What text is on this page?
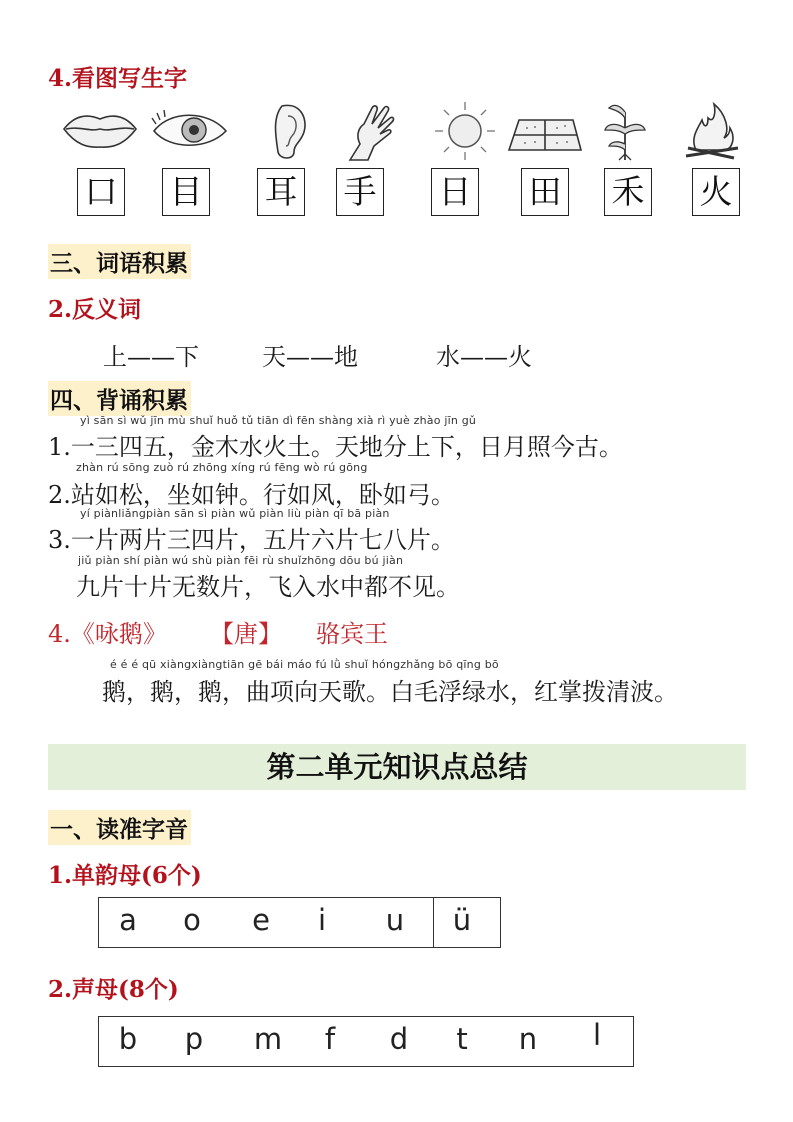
4.看图写生字
口 目 耳 手 日 田 禾 火
三、词语积累
2.反义词
上——下	天——地	水——火
四、背诵积累
yì sān sì wǔ jīn mù shuǐ huǒ tǔ tiān dì fēn shàng xià rì yuè zhào jīn gǔ
1.一三四五，金木水火土。天地分上下，日月照今古。
zhàn rú sōng zuò rú zhōng xíng rú fēng wò rú gōng
2.站如松，坐如钟。行如风，卧如弓。
yí piànliǎngpiàn sān sì piàn wǔ piàn liù piàn qī bā piàn
3.一片两片三四片，五片六片七八片。
jiǔ piàn shí piàn wú shù piàn fēi rù shuǐzhōng dōu bú jiàn
九片十片无数片，飞入水中都不见。
4.《咏鹅》 【唐】 骆宾王
é é é qū xiàngxiàngtiān gē bái máo fú lǜ shuǐ hóngzhǎng bō qīng bō
鹅，鹅，鹅，曲项向天歌。白毛浮绿水，红掌拨清波。
第二单元知识点总结
一、读准字音
1.单韵母(6个)
a o e i u ü
2.声母(8个)
b p m f d t n l
